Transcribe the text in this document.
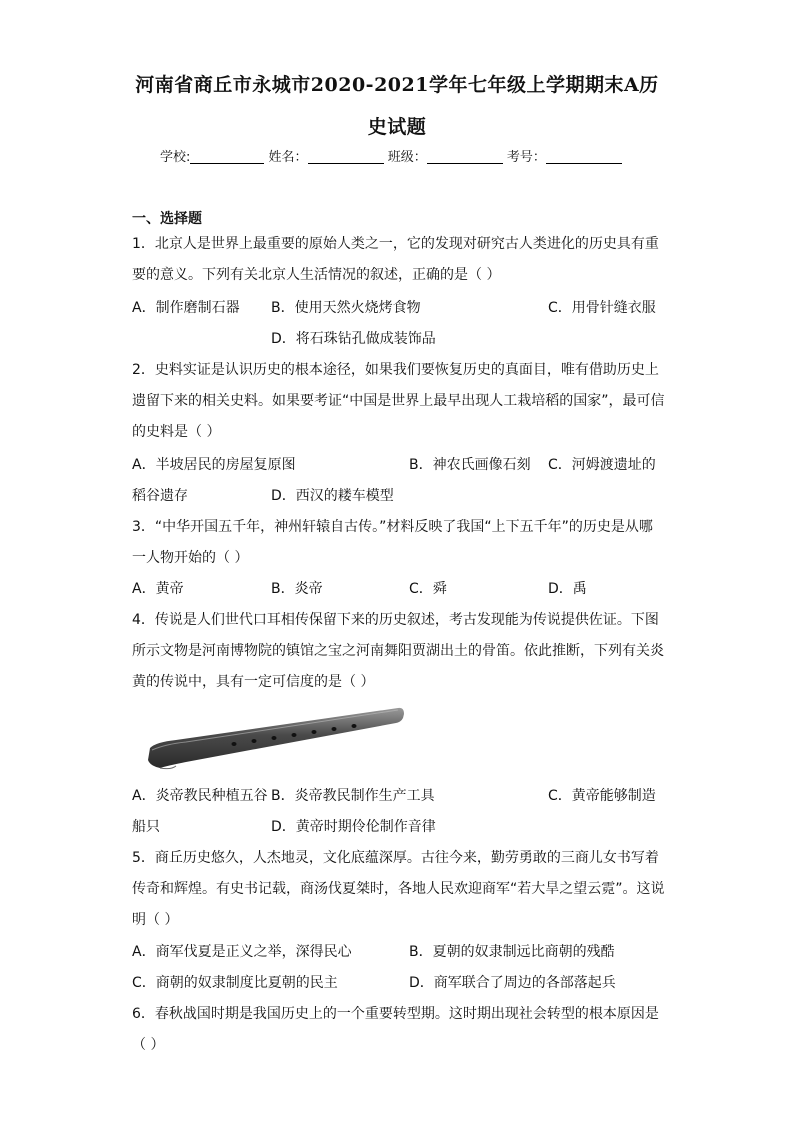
河南省商丘市永城市2020-2021学年七年级上学期期末A历
史试题
学校:	姓名：	班级：	考号：
一、选择题
1．北京人是世界上最重要的原始人类之一，它的发现对研究古人类进化的历史具有重
要的意义。下列有关北京人生活情况的叙述，正确的是（ ）
A．制作磨制石器 B．使用天然火烧烤食物	C．用骨针缝衣服
D．将石珠钻孔做成装饰品
2．史料实证是认识历史的根本途径，如果我们要恢复历史的真面目，唯有借助历史上
遗留下来的相关史料。如果要考证“中国是世界上最早出现人工栽培稻的国家”，最可信
的史料是（ ）
A．半坡居民的房屋复原图	B．神农氏画像石刻 C．河姆渡遗址的
稻谷遗存	D．西汉的耧车模型
3．“中华开国五千年，神州轩辕自古传。”材料反映了我国“上下五千年”的历史是从哪
一人物开始的（ ）
A．黄帝	B．炎帝	C．舜	D．禹
4．传说是人们世代口耳相传保留下来的历史叙述，考古发现能为传说提供佐证。下图
所示文物是河南博物院的镇馆之宝之河南舞阳贾湖出土的骨笛。依此推断，下列有关炎
黄的传说中，具有一定可信度的是（ ）
A．炎帝教民种植五谷 B．炎帝教民制作生产工具	C．黄帝能够制造
船只	D．黄帝时期伶伦制作音律
5．商丘历史悠久，人杰地灵，文化底蕴深厚。古往今来，勤劳勇敢的三商儿女书写着
传奇和辉煌。有史书记载，商汤伐夏桀时，各地人民欢迎商军“若大旱之望云霓”。这说
明（ ）
A．商军伐夏是正义之举，深得民心	B．夏朝的奴隶制远比商朝的残酷
C．商朝的奴隶制度比夏朝的民主	D．商军联合了周边的各部落起兵
6．春秋战国时期是我国历史上的一个重要转型期。这时期出现社会转型的根本原因是
（ ）
